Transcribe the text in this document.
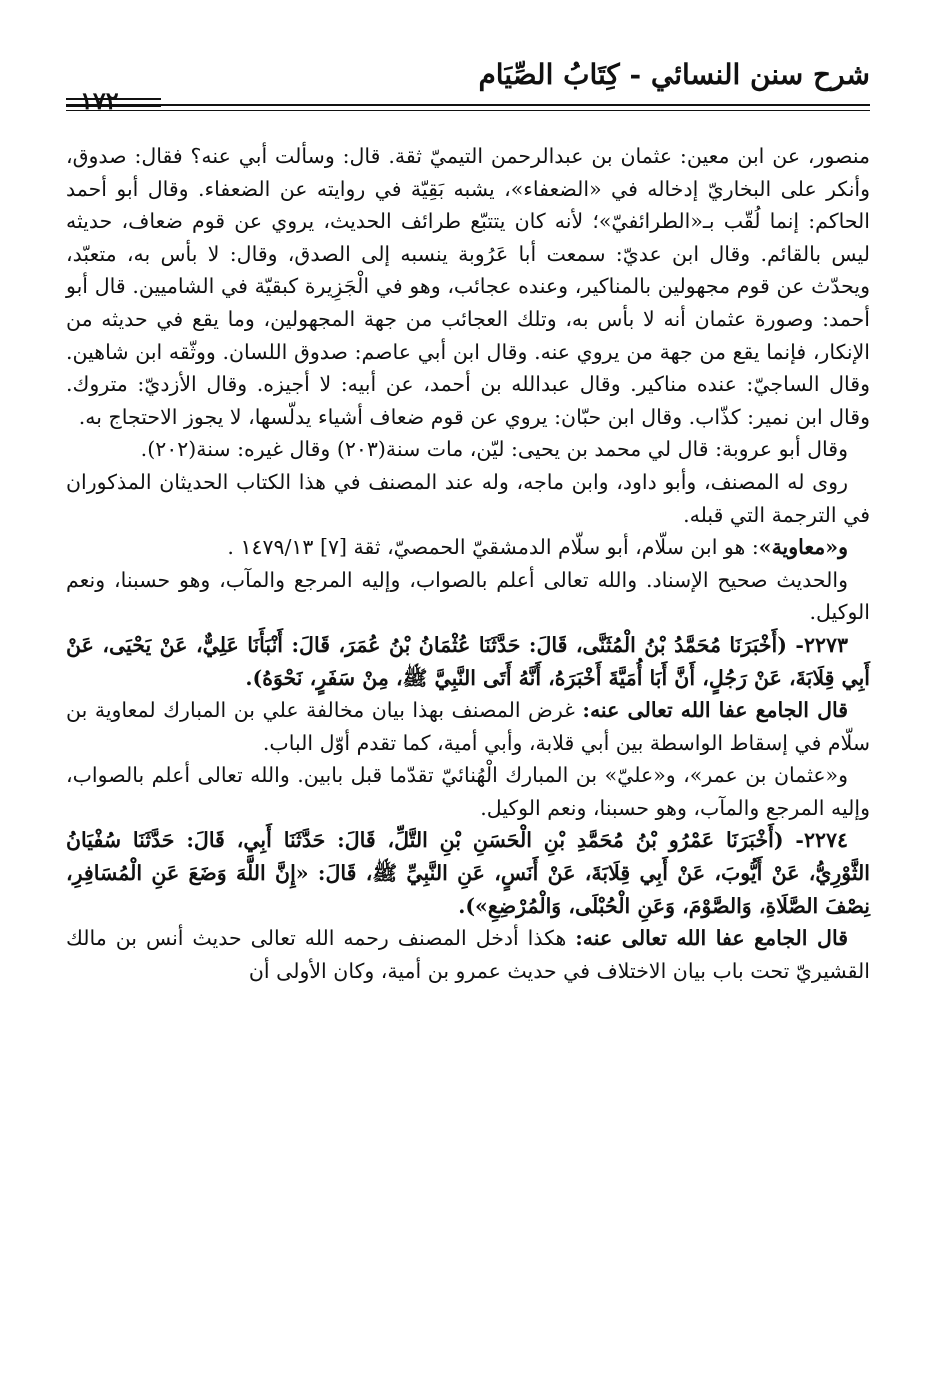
شرح سنن النسائي - كِتَابُ الصِّيَام
١٧٢

منصور، عن ابن معين: عثمان بن عبدالرحمن التيميّ ثقة. قال: وسألت أبي عنه؟ فقال: صدوق، وأنكر على البخاريّ إدخاله في «الضعفاء»، يشبه بَقِيّة في روايته عن الضعفاء. وقال أبو أحمد الحاكم: إنما لُقّب بـ«الطرائفيّ»؛ لأنه كان يتتبّع طرائف الحديث، يروي عن قوم ضعاف، حديثه ليس بالقائم. وقال ابن عديّ: سمعت أبا عَرُوبة ينسبه إلى الصدق، وقال: لا بأس به، متعبّد، ويحدّث عن قوم مجهولين بالمناكير، وعنده عجائب، وهو في الْجَزِيرة كبقيّة في الشاميين. قال أبو أحمد: وصورة عثمان أنه لا بأس به، وتلك العجائب من جهة المجهولين، وما يقع في حديثه من الإنكار، فإنما يقع من جهة من يروي عنه. وقال ابن أبي عاصم: صدوق اللسان. ووثّقه ابن شاهين. وقال الساجيّ: عنده مناكير. وقال عبدالله بن أحمد، عن أبيه: لا أجيزه. وقال الأزديّ: متروك. وقال ابن نمير: كذّاب. وقال ابن حبّان: يروي عن قوم ضعاف أشياء يدلّسها، لا يجوز الاحتجاج به.

وقال أبو عروبة: قال لي محمد بن يحيى: ليّن، مات سنة(٢٠٣) وقال غيره: سنة(٢٠٢).

روى له المصنف، وأبو داود، وابن ماجه، وله عند المصنف في هذا الكتاب الحديثان المذكوران في الترجمة التي قبله.

و«معاوية»: هو ابن سلّام، أبو سلّام الدمشقيّ الحمصيّ، ثقة [٧] ١٤٧٩/١٣ .

والحديث صحيح الإسناد. والله تعالى أعلم بالصواب، وإليه المرجع والمآب، وهو حسبنا، ونعم الوكيل.

٢٢٧٣- (أَخْبَرَنَا مُحَمَّدُ بْنُ الْمُثَنَّى، قَالَ: حَدَّثَنَا عُثْمَانُ بْنُ عُمَرَ، قَالَ: أَنْبَأَنَا عَلِيٌّ، عَنْ يَحْيَى، عَنْ أَبِي قِلَابَةَ، عَنْ رَجُلٍ، أَنَّ أَبَا أُمَيَّةَ أَخْبَرَهُ، أَنَّهُ أَتَى النَّبِيَّ ﷺ، مِنْ سَفَرٍ، نَحْوَهُ).

قال الجامع عفا الله تعالى عنه: غرض المصنف بهذا بيان مخالفة علي بن المبارك لمعاوية بن سلّام في إسقاط الواسطة بين أبي قلابة، وأبي أمية، كما تقدم أوّل الباب.

و«عثمان بن عمر»، و«عليّ» بن المبارك الْهُنائيّ تقدّما قبل بابين. والله تعالى أعلم بالصواب، وإليه المرجع والمآب، وهو حسبنا، ونعم الوكيل.

٢٢٧٤- (أَخْبَرَنَا عَمْرُو بْنُ مُحَمَّدِ بْنِ الْحَسَنِ بْنِ التَّلِّ، قَالَ: حَدَّثَنَا أَبِي، قَالَ: حَدَّثَنَا سُفْيَانُ الثَّوْرِيُّ، عَنْ أَيُّوبَ، عَنْ أَبِي قِلَابَةَ، عَنْ أَنَسٍ، عَنِ النَّبِيِّ ﷺ، قَالَ: «إِنَّ اللَّهَ وَضَعَ عَنِ الْمُسَافِرِ، نِصْفَ الصَّلَاةِ، وَالصَّوْمَ، وَعَنِ الْحُبْلَى، وَالْمُرْضِعِ»).

قال الجامع عفا الله تعالى عنه: هكذا أدخل المصنف رحمه الله تعالى حديث أنس بن مالك القشيريّ تحت باب بيان الاختلاف في حديث عمرو بن أمية، وكان الأولى أن
